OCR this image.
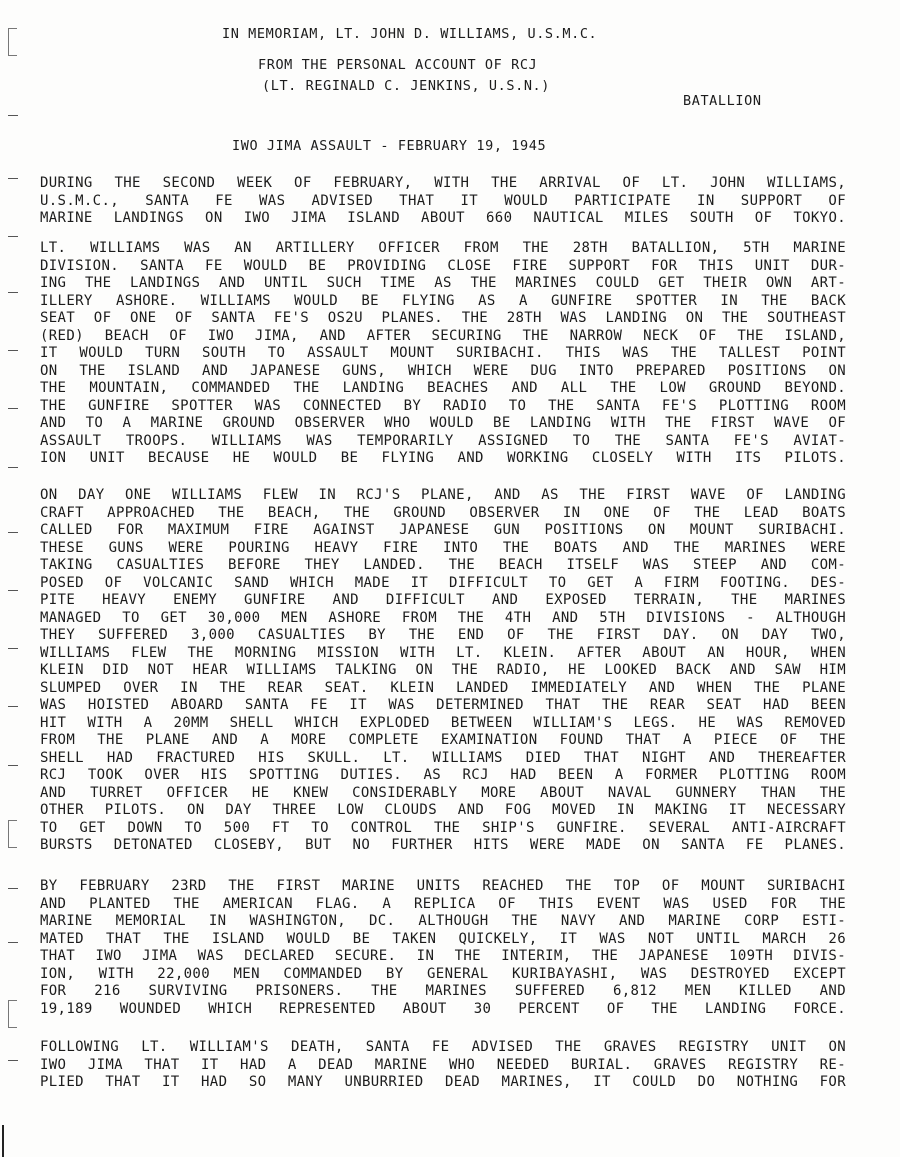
IN MEMORIAM, LT. JOHN D. WILLIAMS, U.S.M.C.
FROM THE PERSONAL ACCOUNT OF RCJ
(LT. REGINALD C. JENKINS, U.S.N.)
BATALLION
IWO JIMA ASSAULT - FEBRUARY 19, 1945
DURING THE SECOND WEEK OF FEBRUARY, WITH THE ARRIVAL OF LT. JOHN WILLIAMS,
U.S.M.C., SANTA FE WAS ADVISED THAT IT WOULD PARTICIPATE IN SUPPORT OF
MARINE LANDINGS ON IWO JIMA ISLAND ABOUT 660 NAUTICAL MILES SOUTH OF TOKYO.
LT. WILLIAMS WAS AN ARTILLERY OFFICER FROM THE 28TH BATALLION, 5TH MARINE
DIVISION. SANTA FE WOULD BE PROVIDING CLOSE FIRE SUPPORT FOR THIS UNIT DUR-
ING THE LANDINGS AND UNTIL SUCH TIME AS THE MARINES COULD GET THEIR OWN ART-
ILLERY ASHORE. WILLIAMS WOULD BE FLYING AS A GUNFIRE SPOTTER IN THE BACK
SEAT OF ONE OF SANTA FE'S OS2U PLANES. THE 28TH WAS LANDING ON THE SOUTHEAST
(RED) BEACH OF IWO JIMA, AND AFTER SECURING THE NARROW NECK OF THE ISLAND,
IT WOULD TURN SOUTH TO ASSAULT MOUNT SURIBACHI. THIS WAS THE TALLEST POINT
ON THE ISLAND AND JAPANESE GUNS, WHICH WERE DUG INTO PREPARED POSITIONS ON
THE MOUNTAIN, COMMANDED THE LANDING BEACHES AND ALL THE LOW GROUND BEYOND.
THE GUNFIRE SPOTTER WAS CONNECTED BY RADIO TO THE SANTA FE'S PLOTTING ROOM
AND TO A MARINE GROUND OBSERVER WHO WOULD BE LANDING WITH THE FIRST WAVE OF
ASSAULT TROOPS. WILLIAMS WAS TEMPORARILY ASSIGNED TO THE SANTA FE'S AVIAT-
ION UNIT BECAUSE HE WOULD BE FLYING AND WORKING CLOSELY WITH ITS PILOTS.
ON DAY ONE WILLIAMS FLEW IN RCJ'S PLANE, AND AS THE FIRST WAVE OF LANDING
CRAFT APPROACHED THE BEACH, THE GROUND OBSERVER IN ONE OF THE LEAD BOATS
CALLED FOR MAXIMUM FIRE AGAINST JAPANESE GUN POSITIONS ON MOUNT SURIBACHI.
THESE GUNS WERE POURING HEAVY FIRE INTO THE BOATS AND THE MARINES WERE
TAKING CASUALTIES BEFORE THEY LANDED. THE BEACH ITSELF WAS STEEP AND COM-
POSED OF VOLCANIC SAND WHICH MADE IT DIFFICULT TO GET A FIRM FOOTING. DES-
PITE HEAVY ENEMY GUNFIRE AND DIFFICULT AND EXPOSED TERRAIN, THE MARINES
MANAGED TO GET 30,000 MEN ASHORE FROM THE 4TH AND 5TH DIVISIONS - ALTHOUGH
THEY SUFFERED 3,000 CASUALTIES BY THE END OF THE FIRST DAY. ON DAY TWO,
WILLIAMS FLEW THE MORNING MISSION WITH LT. KLEIN. AFTER ABOUT AN HOUR, WHEN
KLEIN DID NOT HEAR WILLIAMS TALKING ON THE RADIO, HE LOOKED BACK AND SAW HIM
SLUMPED OVER IN THE REAR SEAT. KLEIN LANDED IMMEDIATELY AND WHEN THE PLANE
WAS HOISTED ABOARD SANTA FE IT WAS DETERMINED THAT THE REAR SEAT HAD BEEN
HIT WITH A 20MM SHELL WHICH EXPLODED BETWEEN WILLIAM'S LEGS. HE WAS REMOVED
FROM THE PLANE AND A MORE COMPLETE EXAMINATION FOUND THAT A PIECE OF THE
SHELL HAD FRACTURED HIS SKULL. LT. WILLIAMS DIED THAT NIGHT AND THEREAFTER
RCJ TOOK OVER HIS SPOTTING DUTIES. AS RCJ HAD BEEN A FORMER PLOTTING ROOM
AND TURRET OFFICER HE KNEW CONSIDERABLY MORE ABOUT NAVAL GUNNERY THAN THE
OTHER PILOTS. ON DAY THREE LOW CLOUDS AND FOG MOVED IN MAKING IT NECESSARY
TO GET DOWN TO 500 FT TO CONTROL THE SHIP'S GUNFIRE. SEVERAL ANTI-AIRCRAFT
BURSTS DETONATED CLOSEBY, BUT NO FURTHER HITS WERE MADE ON SANTA FE PLANES.
BY FEBRUARY 23RD THE FIRST MARINE UNITS REACHED THE TOP OF MOUNT SURIBACHI
AND PLANTED THE AMERICAN FLAG. A REPLICA OF THIS EVENT WAS USED FOR THE
MARINE MEMORIAL IN WASHINGTON, DC. ALTHOUGH THE NAVY AND MARINE CORP ESTI-
MATED THAT THE ISLAND WOULD BE TAKEN QUICKELY, IT WAS NOT UNTIL MARCH 26
THAT IWO JIMA WAS DECLARED SECURE. IN THE INTERIM, THE JAPANESE 109TH DIVIS-
ION, WITH 22,000 MEN COMMANDED BY GENERAL KURIBAYASHI, WAS DESTROYED EXCEPT
FOR 216 SURVIVING PRISONERS. THE MARINES SUFFERED 6,812 MEN KILLED AND
19,189 WOUNDED WHICH REPRESENTED ABOUT 30 PERCENT OF THE LANDING FORCE.
FOLLOWING LT. WILLIAM'S DEATH, SANTA FE ADVISED THE GRAVES REGISTRY UNIT ON
IWO JIMA THAT IT HAD A DEAD MARINE WHO NEEDED BURIAL. GRAVES REGISTRY RE-
PLIED THAT IT HAD SO MANY UNBURRIED DEAD MARINES, IT COULD DO NOTHING FOR
